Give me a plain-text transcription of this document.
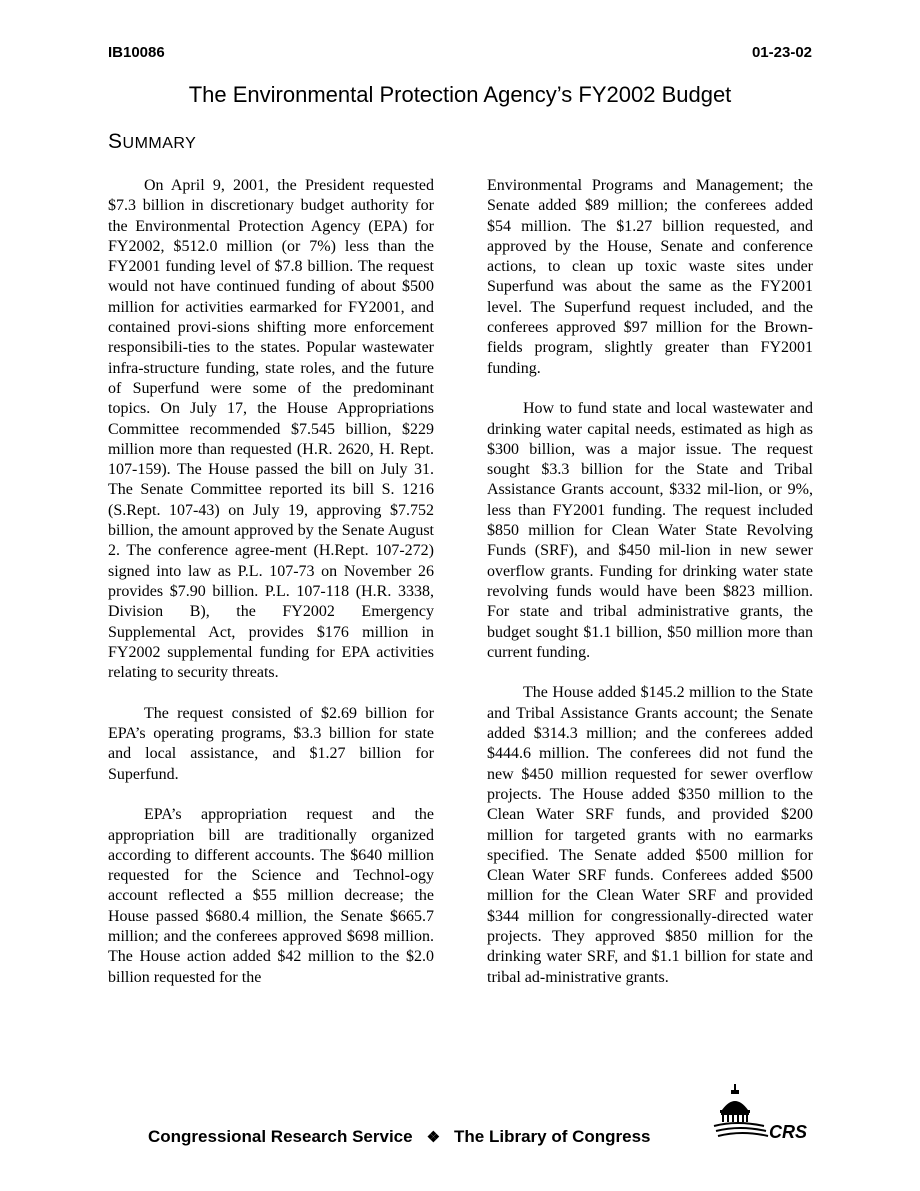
IB10086	01-23-02
The Environmental Protection Agency’s FY2002 Budget
SUMMARY

On April 9, 2001, the President requested $7.3 billion in discretionary budget authority for the Environmental Protection Agency (EPA) for FY2002, $512.0 million (or 7%) less than the FY2001 funding level of $7.8 billion. The request would not have continued funding of about $500 million for activities earmarked for FY2001, and contained provi-sions shifting more enforcement responsibili-ties to the states. Popular wastewater infra-structure funding, state roles, and the future of Superfund were some of the predominant topics. On July 17, the House Appropriations Committee recommended $7.545 billion, $229 million more than requested (H.R. 2620, H. Rept. 107-159). The House passed the bill on July 31. The Senate Committee reported its bill S. 1216 (S.Rept. 107-43) on July 19, approving $7.752 billion, the amount approved by the Senate August 2. The conference agree-ment (H.Rept. 107-272) signed into law as P.L. 107-73 on November 26 provides $7.90 billion. P.L. 107-118 (H.R. 3338, Division B), the FY2002 Emergency Supplemental Act, provides $176 million in FY2002 supplemental funding for EPA activities relating to security threats.

The request consisted of $2.69 billion for EPA’s operating programs, $3.3 billion for state and local assistance, and $1.27 billion for Superfund.

EPA’s appropriation request and the appropriation bill are traditionally organized according to different accounts. The $640 million requested for the Science and Technol-ogy account reflected a $55 million decrease; the House passed $680.4 million, the Senate $665.7 million; and the conferees approved $698 million. The House action added $42 million to the $2.0 billion requested for the

Environmental Programs and Management; the Senate added $89 million; the conferees added $54 million. The $1.27 billion requested, and approved by the House, Senate and conference actions, to clean up toxic waste sites under Superfund was about the same as the FY2001 level. The Superfund request included, and the conferees approved $97 million for the Brown-fields program, slightly greater than FY2001 funding.

How to fund state and local wastewater and drinking water capital needs, estimated as high as $300 billion, was a major issue. The request sought $3.3 billion for the State and Tribal Assistance Grants account, $332 mil-lion, or 9%, less than FY2001 funding. The request included $850 million for Clean Water State Revolving Funds (SRF), and $450 mil-lion in new sewer overflow grants. Funding for drinking water state revolving funds would have been $823 million. For state and tribal administrative grants, the budget sought $1.1 billion, $50 million more than current funding.

The House added $145.2 million to the State and Tribal Assistance Grants account; the Senate added $314.3 million; and the conferees added $444.6 million. The conferees did not fund the new $450 million requested for sewer overflow projects. The House added $350 million to the Clean Water SRF funds, and provided $200 million for targeted grants with no earmarks specified. The Senate added $500 million for Clean Water SRF funds. Conferees added $500 million for the Clean Water SRF and provided $344 million for congressionally-directed water projects. They approved $850 million for the drinking water SRF, and $1.1 billion for state and tribal ad-ministrative grants.

Congressional Research Service ❖ The Library of Congress	CRS
